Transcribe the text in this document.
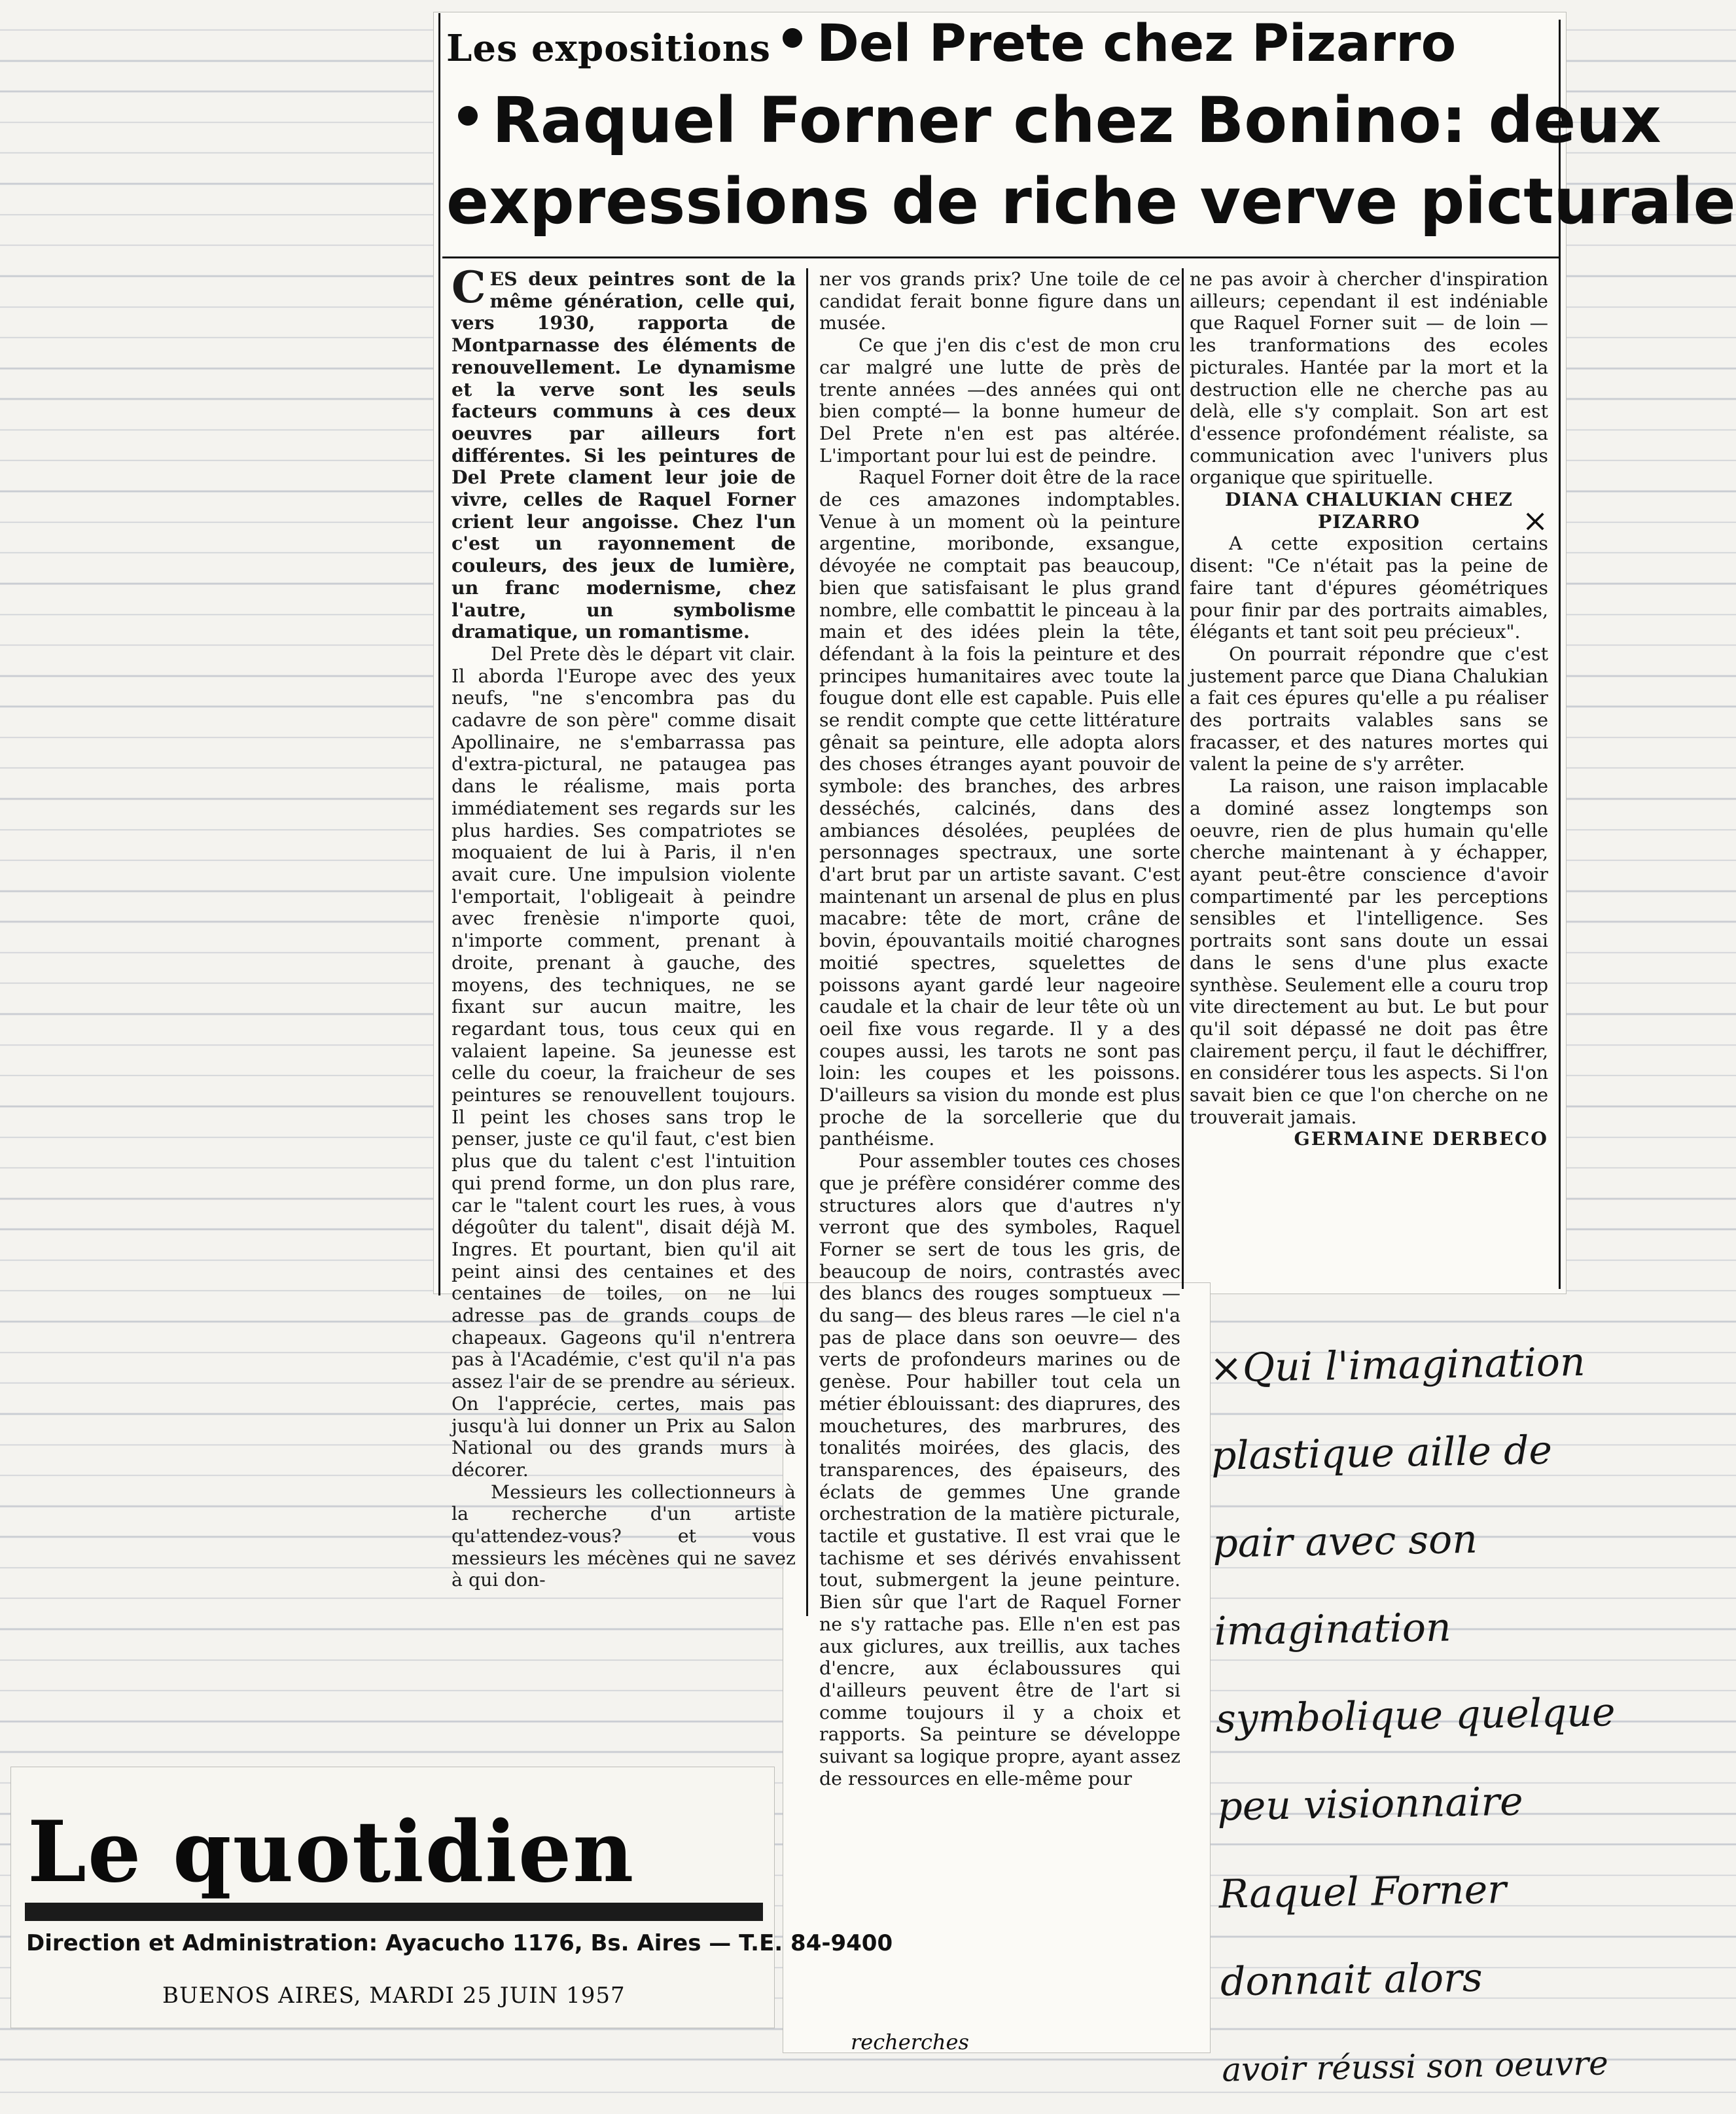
Les expositions Del Prete chez Pizarro
Raquel Forner chez Bonino: deux
expressions de riche verve picturale

CES deux peintres sont de la même génération, celle qui, vers 1930, rapporta de Montparnasse des éléments de renouvellement. Le dynamisme et la verve sont les seuls facteurs communs à ces deux oeuvres par ailleurs fort différentes. Si les peintures de Del Prete clament leur joie de vivre, celles de Raquel Forner crient leur angoisse. Chez l'un c'est un rayonnement de couleurs, des jeux de lumière, un franc modernisme, chez l'autre, un symbolisme dramatique, un romantisme.

Del Prete dès le départ vit clair. Il aborda l'Europe avec des yeux neufs, "ne s'encombra pas du cadavre de son père" comme disait Apollinaire, ne s'embarrassa pas d'extra-pictural, ne pataugea pas dans le réalisme, mais porta immédiatement ses regards sur les plus hardies. Ses compatriotes se moquaient de lui à Paris, il n'en avait cure. Une impulsion violente l'emportait, l'obligeait à peindre avec frenèsie n'importe quoi, n'importe comment, prenant à droite, prenant à gauche, des moyens, des techniques, ne se fixant sur aucun maitre, les regardant tous, tous ceux qui en valaient lapeine. Sa jeunesse est celle du coeur, la fraicheur de ses peintures se renouvellent toujours. Il peint les choses sans trop le penser, juste ce qu'il faut, c'est bien plus que du talent c'est l'intuition qui prend forme, un don plus rare, car le "talent court les rues, à vous dégoûter du talent", disait déjà M. Ingres. Et pourtant, bien qu'il ait peint ainsi des centaines et des centaines de toiles, on ne lui adresse pas de grands coups de chapeaux. Gageons qu'il n'entrera pas à l'Académie, c'est qu'il n'a pas assez l'air de se prendre au sérieux. On l'apprécie, certes, mais pas jusqu'à lui donner un Prix au Salon National ou des grands murs à décorer.

Messieurs les collectionneurs à la recherche d'un artiste qu'attendez-vous? et vous messieurs les mécènes qui ne savez à qui don-

ner vos grands prix? Une toile de ce candidat ferait bonne figure dans un musée.

Ce que j'en dis c'est de mon cru car malgré une lutte de près de trente années —des années qui ont bien compté— la bonne humeur de Del Prete n'en est pas altérée. L'important pour lui est de peindre.

Raquel Forner doit être de la race de ces amazones indomptables. Venue à un moment où la peinture argentine, moribonde, exsangue, dévoyée ne comptait pas beaucoup, bien que satisfaisant le plus grand nombre, elle combattit le pinceau à la main et des idées plein la tête, défendant à la fois la peinture et des principes humanitaires avec toute la fougue dont elle est capable. Puis elle se rendit compte que cette littérature gênait sa peinture, elle adopta alors des choses étranges ayant pouvoir de symbole: des branches, des arbres desséchés, calcinés, dans des ambiances désolées, peuplées de personnages spectraux, une sorte d'art brut par un artiste savant. C'est maintenant un arsenal de plus en plus macabre: tête de mort, crâne de bovin, épouvantails moitié charognes moitié spectres, squelettes de poissons ayant gardé leur nageoire caudale et la chair de leur tête où un oeil fixe vous regarde. Il y a des coupes aussi, les tarots ne sont pas loin: les coupes et les poissons. D'ailleurs sa vision du monde est plus proche de la sorcellerie que du panthéisme.

Pour assembler toutes ces choses que je préfère considérer comme des structures alors que d'autres n'y verront que des symboles, Raquel Forner se sert de tous les gris, de beaucoup de noirs, contrastés avec des blancs des rouges somptueux —du sang— des bleus rares —le ciel n'a pas de place dans son oeuvre— des verts de profondeurs marines ou de genèse. Pour habiller tout cela un métier éblouissant: des diaprures, des mouchetures, des marbrures, des tonalités moirées, des glacis, des transparences, des épaiseurs, des éclats de gemmes Une grande orchestration de la matière picturale, tactile et gustative. Il est vrai que le tachisme et ses dérivés envahissent tout, submergent la jeune peinture. Bien sûr que l'art de Raquel Forner ne s'y rattache pas. Elle n'en est pas aux giclures, aux treillis, aux taches d'encre, aux éclaboussures qui d'ailleurs peuvent être de l'art si comme toujours il y a choix et rapports. Sa peinture se développe suivant sa logique propre, ayant assez de ressources en elle-même pour

ne pas avoir à chercher d'inspiration ailleurs; cependant il est indéniable que Raquel Forner suit — de loin — les tranformations des ecoles picturales. Hantée par la mort et la destruction elle ne cherche pas au delà, elle s'y complait. Son art est d'essence profondément réaliste, sa communication avec l'univers plus organique que spirituelle.

DIANA CHALUKIAN CHEZ PIZARRO

A cette exposition certains disent: "Ce n'était pas la peine de faire tant d'épures géométriques pour finir par des portraits aimables, élégants et tant soit peu précieux".

On pourrait répondre que c'est justement parce que Diana Chalukian a fait ces épures qu'elle a pu réaliser des portraits valables sans se fracasser, et des natures mortes qui valent la peine de s'y arrêter.

La raison, une raison implacable a dominé assez longtemps son oeuvre, rien de plus humain qu'elle cherche maintenant à y échapper, ayant peut-être conscience d'avoir compartimenté par les perceptions sensibles et l'intelligence. Ses portraits sont sans doute un essai dans le sens d'une plus exacte synthèse. Seulement elle a couru trop vite directement au but. Le but pour qu'il soit dépassé ne doit pas être clairement perçu, il faut le déchiffrer, en considérer tous les aspects. Si l'on savait bien ce que l'on cherche on ne trouverait jamais.

GERMAINE DERBECO

Le quotidien
Direction et Administration: Ayacucho 1176, Bs. Aires — T.E. 84-9400
BUENOS AIRES, MARDI 25 JUIN 1957
×
×Qui l'imagination
plastique aille de
pair avec son
imagination
symbolique quelque
peu visionnaire
Raquel Forner
donnait alors
avoir réussi son oeuvre
recherches
